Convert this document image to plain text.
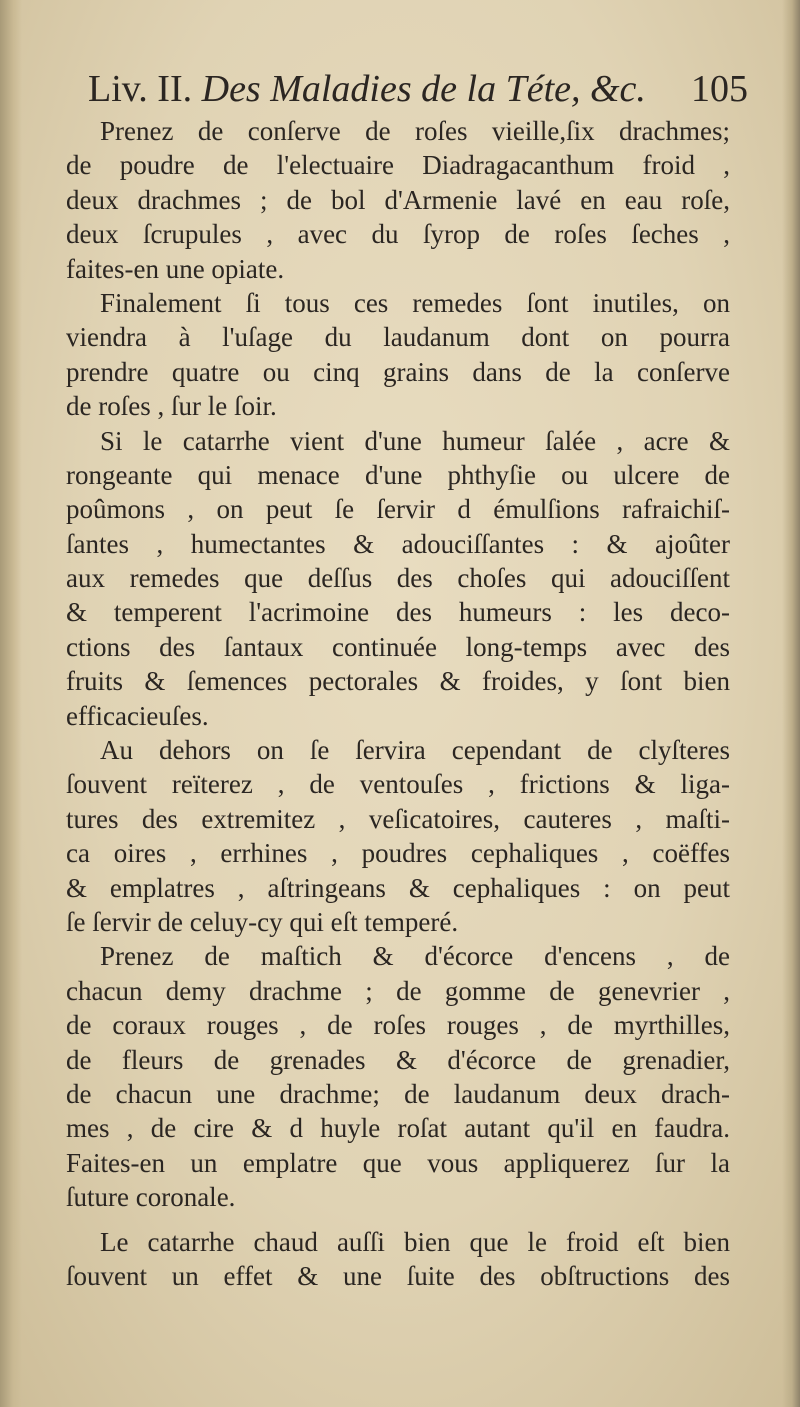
Liv. II. Des Maladies de la Téte, &c. 105
Prenez de conſerve de roſes vieille,ſix drachmes;
de poudre de l'electuaire Diadragacanthum froid ,
deux drachmes ; de bol d'Armenie lavé en eau roſe,
deux ſcrupules , avec du ſyrop de roſes ſeches ,
faites-en une opiate.
Finalement ſi tous ces remedes ſont inutiles, on
viendra à l'uſage du laudanum dont on pourra
prendre quatre ou cinq grains dans de la conſerve
de roſes , ſur le ſoir.
Si le catarrhe vient d'une humeur ſalée , acre &
rongeante qui menace d'une phthyſie ou ulcere de
poûmons , on peut ſe ſervir d émulſions rafraichiſ-
ſantes , humectantes & adouciſſantes : & ajoûter
aux remedes que deſſus des choſes qui adouciſſent
& temperent l'acrimoine des humeurs : les deco-
ctions des ſantaux continuée long-temps avec des
fruits & ſemences pectorales & froides, y ſont bien
efficacieuſes.
Au dehors on ſe ſervira cependant de clyſteres
ſouvent reïterez , de ventouſes , frictions & liga-
tures des extremitez , veſicatoires, cauteres , maſti-
ca oires , errhines , poudres cephaliques , coëffes
& emplatres , aſtringeans & cephaliques : on peut
ſe ſervir de celuy-cy qui eſt temperé.
Prenez de maſtich & d'écorce d'encens , de
chacun demy drachme ; de gomme de genevrier ,
de coraux rouges , de roſes rouges , de myrthilles,
de fleurs de grenades & d'écorce de grenadier,
de chacun une drachme; de laudanum deux drach-
mes , de cire & d huyle roſat autant qu'il en faudra.
Faites-en un emplatre que vous appliquerez ſur la
ſuture coronale.
Le catarrhe chaud auſſi bien que le froid eſt bien
ſouvent un effet & une ſuite des obſtructions des
